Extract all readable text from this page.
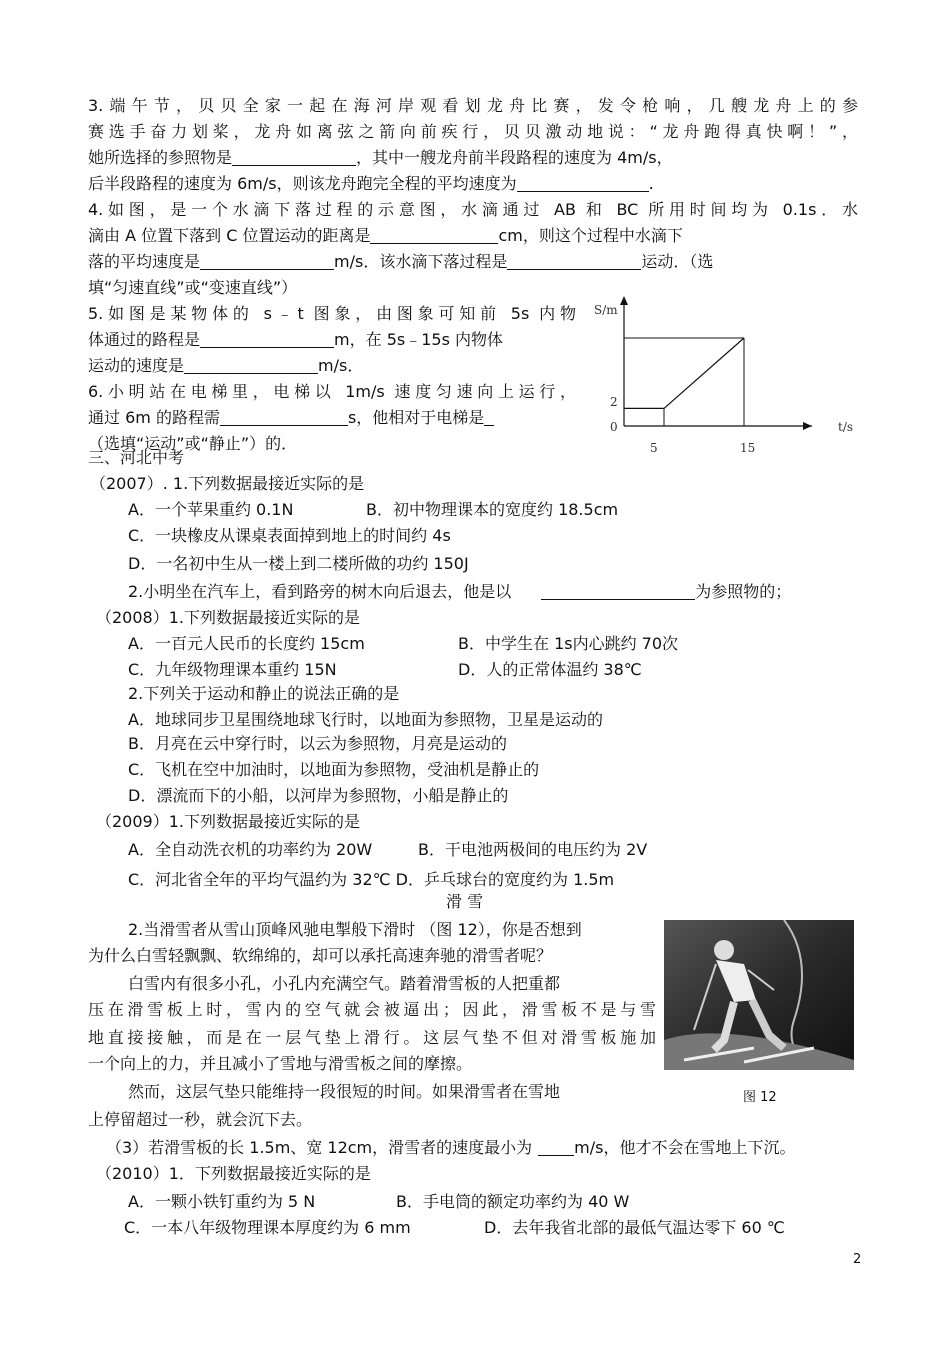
3.端午节，贝贝全家一起在海河岸观看划龙舟比赛，发令枪响，几艘龙舟上的参
赛选手奋力划桨，龙舟如离弦之箭向前疾行，贝贝激动地说：“龙舟跑得真快啊！”，
她所选择的参照物是	，其中一艘龙舟前半段路程的速度为 4m/s，
后半段路程的速度为 6m/s，则该龙舟跑完全程的平均速度为	.
4.如图，是一个水滴下落过程的示意图，水滴通过 AB 和 BC 所用时间均为 0.1s．水
滴由 A 位置下落到 C 位置运动的距离是	cm，则这个过程中水滴下
落的平均速度是	m/s．该水滴下落过程是	运动．（选
填“匀速直线”或“变速直线”）
5.如图是某物体的 s﹣t 图象，由图象可知前 5s 内物
体通过的路程是	m，在 5s﹣15s 内物体
运动的速度是	m/s．
6.小明站在电梯里，电梯以 1m/s 速度匀速向上运行，
通过 6m 的路程需	s，他相对于电梯是
（选填“运动”或“静止”）的．
S/m
t/s
0
5	15
2
三、河北中考
（2007）. 1.下列数据最接近实际的是
A．一个苹果重约 0.1N	B．初中物理课本的宽度约 18.5cm
C．一块橡皮从课桌表面掉到地上的时间约 4s
D．一名初中生从一楼上到二楼所做的功约 150J
2.小明坐在汽车上，看到路旁的树木向后退去，他是以	为参照物的；
（2008）1.下列数据最接近实际的是
A．一百元人民币的长度约 15cm	B．中学生在 1s内心跳约 70次
C．九年级物理课本重约 15N	D．人的正常体温约 38℃
2.下列关于运动和静止的说法正确的是
A．地球同步卫星围绕地球飞行时，以地面为参照物，卫星是运动的
B．月亮在云中穿行时，以云为参照物，月亮是运动的
C．飞机在空中加油时，以地面为参照物，受油机是静止的
D．漂流而下的小船，以河岸为参照物，小船是静止的
（2009）1.下列数据最接近实际的是
A．全自动洗衣机的功率约为 20W	B．干电池两极间的电压约为 2V
C．河北省全年的平均气温约为 32℃ D．乒乓球台的宽度约为 1.5m
滑 雪
2.当滑雪者从雪山顶峰风驰电掣般下滑时 （图 12），你是否想到
为什么白雪轻飘飘、软绵绵的，却可以承托高速奔驰的滑雪者呢？
白雪内有很多小孔，小孔内充满空气。踏着滑雪板的人把重都
压在滑雪板上时，雪内的空气就会被逼出；因此，滑雪板不是与雪
地直接接触，而是在一层气垫上滑行。这层气垫不但对滑雪板施加
一个向上的力，并且减小了雪地与滑雪板之间的摩擦。
然而，这层气垫只能维持一段很短的时间。如果滑雪者在雪地
上停留超过一秒，就会沉下去。
图 12
（3）若滑雪板的长 1.5m、宽 12cm，滑雪者的速度最小为	m/s，他才不会在雪地上下沉。
（2010）1．下列数据最接近实际的是
A．一颗小铁钉重约为 5 N	B．手电筒的额定功率约为 40 W
C．一本八年级物理课本厚度约为 6 mm	D．去年我省北部的最低气温达零下 60 ℃
2
